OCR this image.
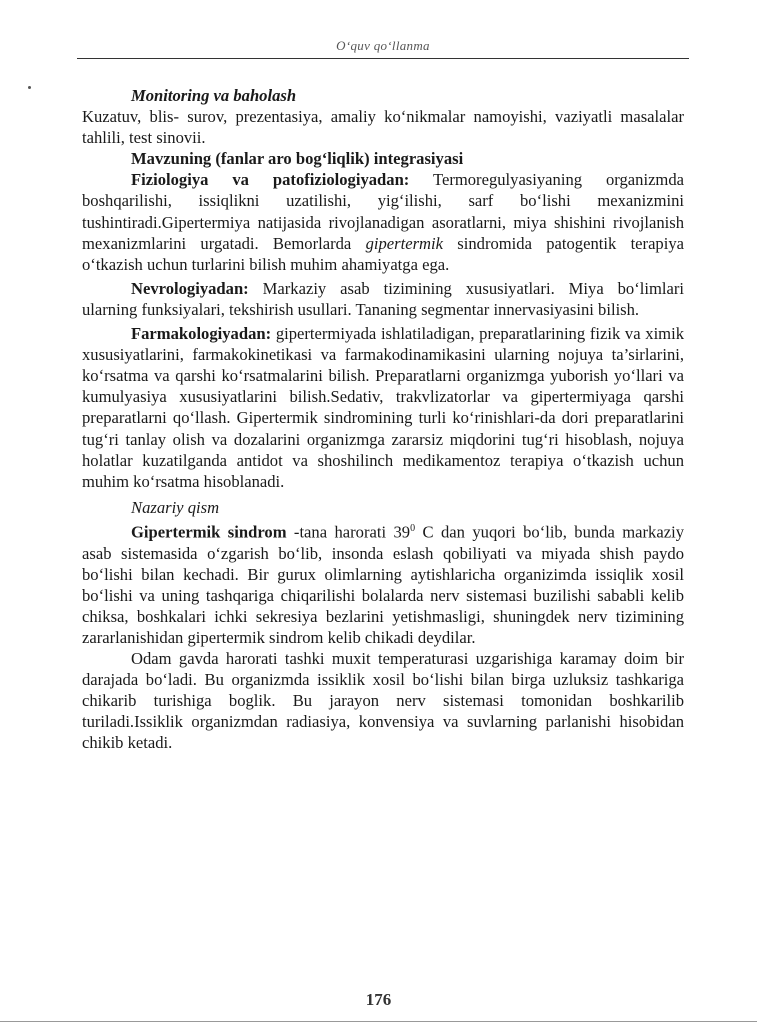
O‘quv qo‘llanma

Monitoring va baholash

Kuzatuv, blis- surov, prezentasiya, amaliy ko‘nikmalar namoyishi, vaziyatli masalalar tahlili, test sinovii.

Mavzuning (fanlar aro bog‘liqlik) integrasiyasi

Fiziologiya va patofiziologiyadan: Termoregulyasiyaning organizmda boshqarilishi, issiqlikni uzatilishi, yig‘ilishi, sarf bo‘lishi mexanizmini tushintiradi.Gipertermiya natijasida rivojlanadigan asoratlarni, miya shishini rivojlanish mexanizmlarini urgatadi. Bemorlarda gipertermik sindromida patogentik terapiya o‘tkazish uchun turlarini bilish muhim ahamiyatga ega.

Nevrologiyadan: Markaziy asab tizimining xususiyatlari. Miya bo‘limlari ularning funksiyalari, tekshirish usullari. Tananing segmentar innervasiyasini bilish.

Farmakologiyadan: gipertermiyada ishlatiladigan, preparatlarining fizik va ximik xususiyatlarini, farmakokinetikasi va farmakodinamikasini ularning nojuya ta’sirlarini, ko‘rsatma va qarshi ko‘rsatmalarini bilish. Preparatlarni organizmga yuborish yo‘llari va kumulyasiya xususiyatlarini bilish.Sedativ, trakvlizatorlar va gipertermiyaga qarshi preparatlarni qo‘llash. Gipertermik sindromining turli ko‘rinishlari-da dori preparatlarini tug‘ri tanlay olish va dozalarini organizmga zararsiz miqdorini tug‘ri hisoblash, nojuya holatlar kuzatilganda antidot va shoshilinch medikamentoz terapiya o‘tkazish uchun muhim ko‘rsatma hisoblanadi.

Nazariy qism

Gipertermik sindrom -tana harorati $39^0$ C dan yuqori bo‘lib, bunda markaziy asab sistemasida o‘zgarish bo‘lib, insonda eslash qobiliyati va miyada shish paydo bo‘lishi bilan kechadi. Bir gurux olimlarning aytishlaricha organizimda issiqlik xosil bo‘lishi va uning tashqariga chiqarilishi bolalarda nerv sistemasi buzilishi sababli kelib chiksa, boshkalari ichki sekresiya bezlarini yetishmasligi, shuningdek nerv tizimining zararlanishidan gipertermik sindrom kelib chikadi deydilar.

Odam gavda harorati tashki muxit temperaturasi uzgarishiga karamay doim bir darajada bo‘ladi. Bu organizmda issiklik xosil bo‘lishi bilan birga uzluksiz tashkariga chikarib turishiga boglik. Bu jarayon nerv sistemasi tomonidan boshkarilib turiladi.Issiklik organizmdan radiasiya, konvensiya va suvlarning parlanishi hisobidan chikib ketadi.

176
